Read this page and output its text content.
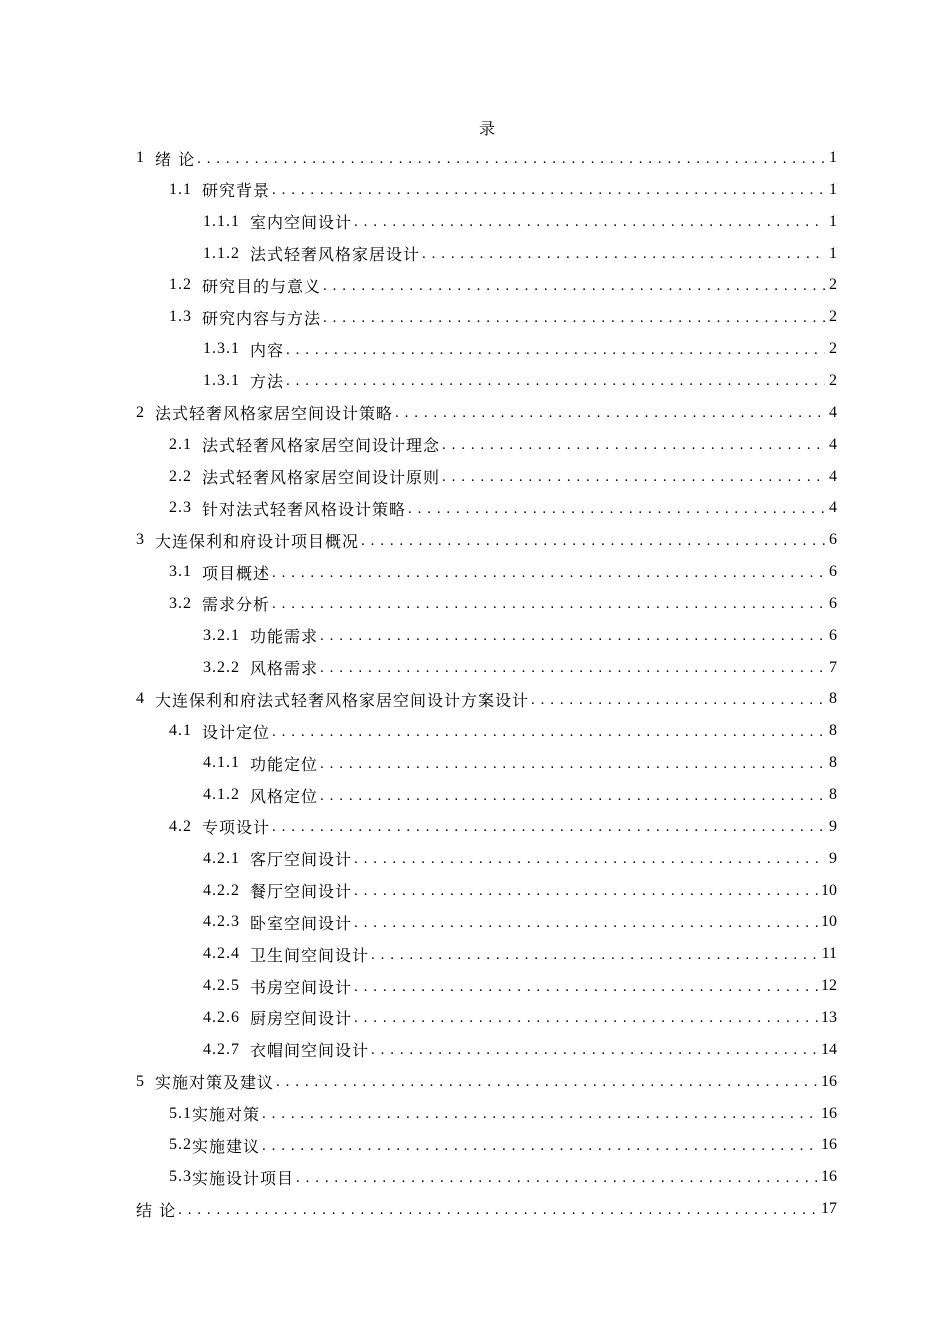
录
1 绪 论 . . .	1
1.1 研究背景 . . .	1
1.1.1 室内空间设计 . . .	1
1.1.2 法式轻奢风格家居设计 . . .	1
1.2 研究目的与意义 . . .	2
1.3 研究内容与方法 . . .	2
1.3.1 内容 . . .	2
1.3.1 方法 . . .	2
2 法式轻奢风格家居空间设计策略 . . .	4
2.1 法式轻奢风格家居空间设计理念 . . .	4
2.2 法式轻奢风格家居空间设计原则 . . .	4
2.3 针对法式轻奢风格设计策略 . . .	4
3 大连保利和府设计项目概况 . . .	6
3.1 项目概述 . . .	6
3.2 需求分析 . . .	6
3.2.1 功能需求 . . .	6
3.2.2 风格需求 . . .	7
4 大连保利和府法式轻奢风格家居空间设计方案设计 . . .	8
4.1 设计定位 . . .	8
4.1.1 功能定位 . . .	8
4.1.2 风格定位 . . .	8
4.2 专项设计 . . .	9
4.2.1 客厅空间设计 . . .	9
4.2.2 餐厅空间设计 . . .	10
4.2.3 卧室空间设计 . . .	10
4.2.4 卫生间空间设计 . . .	11
4.2.5 书房空间设计 . . .	12
4.2.6 厨房空间设计 . . .	13
4.2.7 衣帽间空间设计 . . .	14
5 实施对策及建议 . . .	16
5.1 实施对策 . . .	16
5.2 实施建议 . . .	16
5.3 实施设计项目 . . .	16
结 论 . . .	17
